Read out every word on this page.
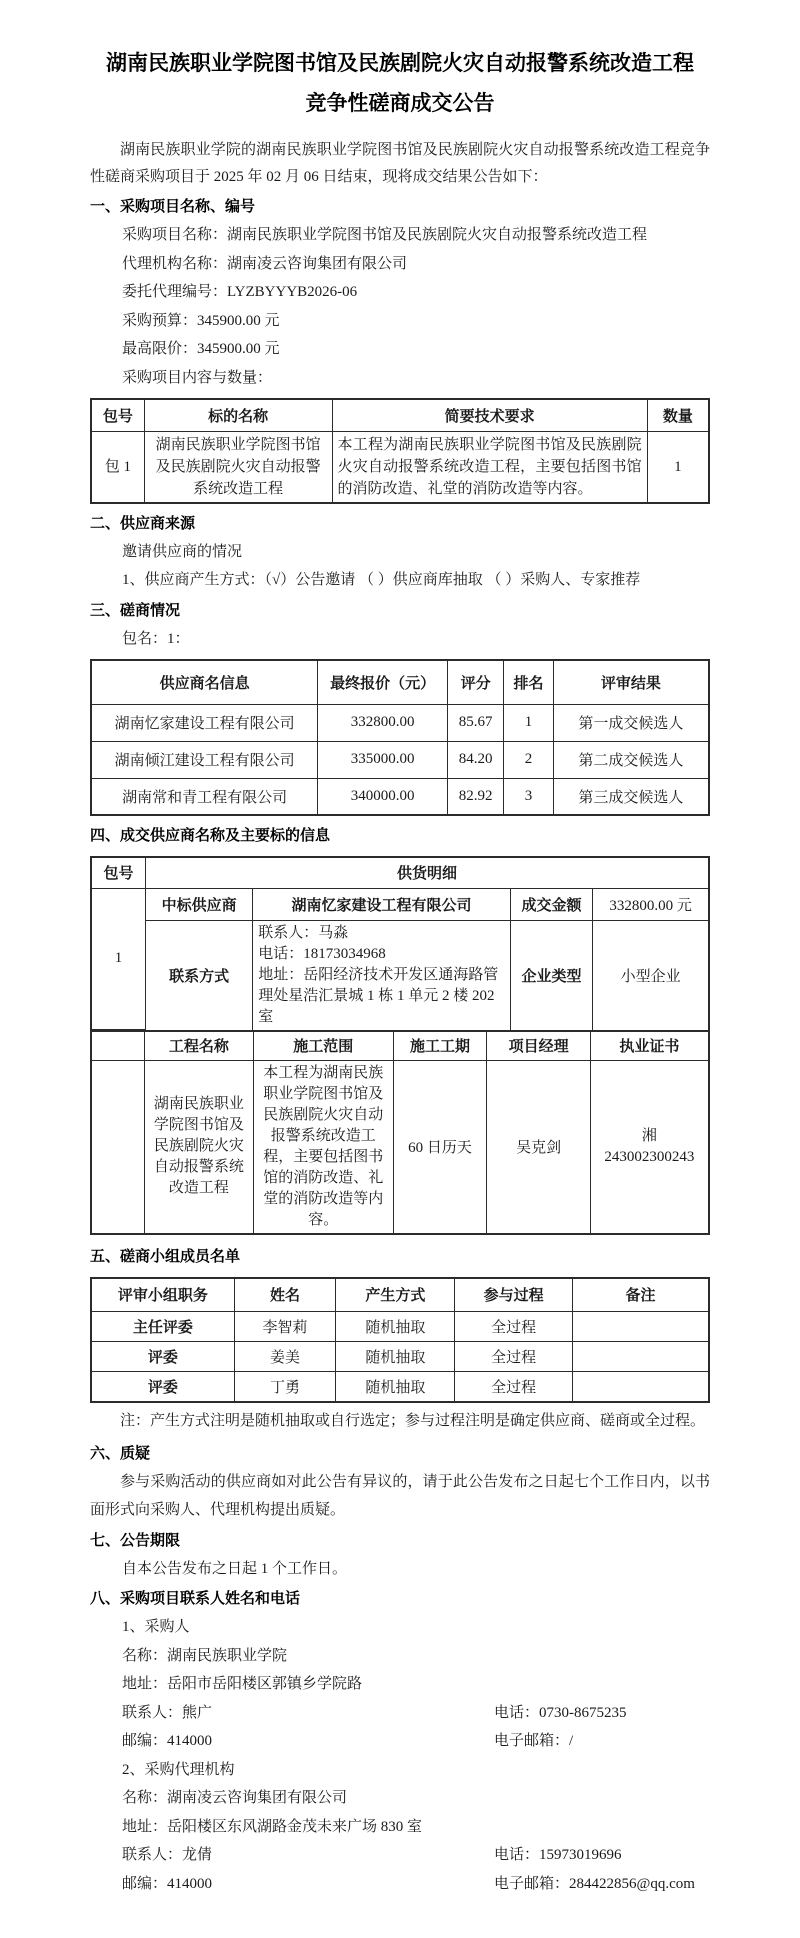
湖南民族职业学院图书馆及民族剧院火灾自动报警系统改造工程
竞争性磋商成交公告

湖南民族职业学院的湖南民族职业学院图书馆及民族剧院火灾自动报警系统改造工程竞争性磋商采购项目于 2025 年 02 月 06 日结束，现将成交结果公告如下：

一、采购项目名称、编号

采购项目名称：湖南民族职业学院图书馆及民族剧院火灾自动报警系统改造工程

代理机构名称：湖南凌云咨询集团有限公司

委托代理编号：LYZBYYYB2026-06

采购预算：345900.00 元

最高限价：345900.00 元

采购项目内容与数量：

包号	标的名称	简要技术要求	数量
包 1	湖南民族职业学院图书馆及民族剧院火灾自动报警系统改造工程	本工程为湖南民族职业学院图书馆及民族剧院火灾自动报警系统改造工程，主要包括图书馆的消防改造、礼堂的消防改造等内容。	1

二、供应商来源

邀请供应商的情况

1、供应商产生方式：（√）公告邀请 （ ）供应商库抽取 （ ）采购人、专家推荐

三、磋商情况

包名：1：

供应商名信息	最终报价（元）	评分	排名	评审结果
湖南忆家建设工程有限公司	332800.00	85.67	1	第一成交候选人
湖南倾江建设工程有限公司	335000.00	84.20	2	第二成交候选人
湖南常和青工程有限公司	340000.00	82.92	3	第三成交候选人

四、成交供应商名称及主要标的信息

包号	供货明细			
1	中标供应商	湖南忆家建设工程有限公司	成交金额	332800.00 元
	联系方式	联系人：马淼
电话：18173034968
地址：岳阳经济技术开发区通海路管理处星浩汇景城 1 栋 1 单元 2 楼 202 室	企业类型	小型企业
	工程名称	施工范围	施工工期	项目经理	执业证书
	湖南民族职业学院图书馆及民族剧院火灾自动报警系统改造工程	本工程为湖南民族职业学院图书馆及民族剧院火灾自动报警系统改造工程，主要包括图书馆的消防改造、礼堂的消防改造等内容。	60 日历天	吴克剑	湘
243002300243

五、磋商小组成员名单

评审小组职务	姓名	产生方式	参与过程	备注
主任评委	李智莉	随机抽取	全过程	
评委	姜美	随机抽取	全过程	
评委	丁勇	随机抽取	全过程	

注：产生方式注明是随机抽取或自行选定；参与过程注明是确定供应商、磋商或全过程。

六、质疑

参与采购活动的供应商如对此公告有异议的，请于此公告发布之日起七个工作日内，以书面形式向采购人、代理机构提出质疑。

七、公告期限

自本公告发布之日起 1 个工作日。

八、采购项目联系人姓名和电话

1、采购人

名称：湖南民族职业学院

地址：岳阳市岳阳楼区郭镇乡学院路

联系人：熊广	电话：0730-8675235

邮编：414000	电子邮箱：/

2、采购代理机构

名称：湖南凌云咨询集团有限公司

地址：岳阳楼区东风湖路金茂未来广场 830 室

联系人：龙倩	电话：15973019696

邮编：414000	电子邮箱：284422856@qq.com
